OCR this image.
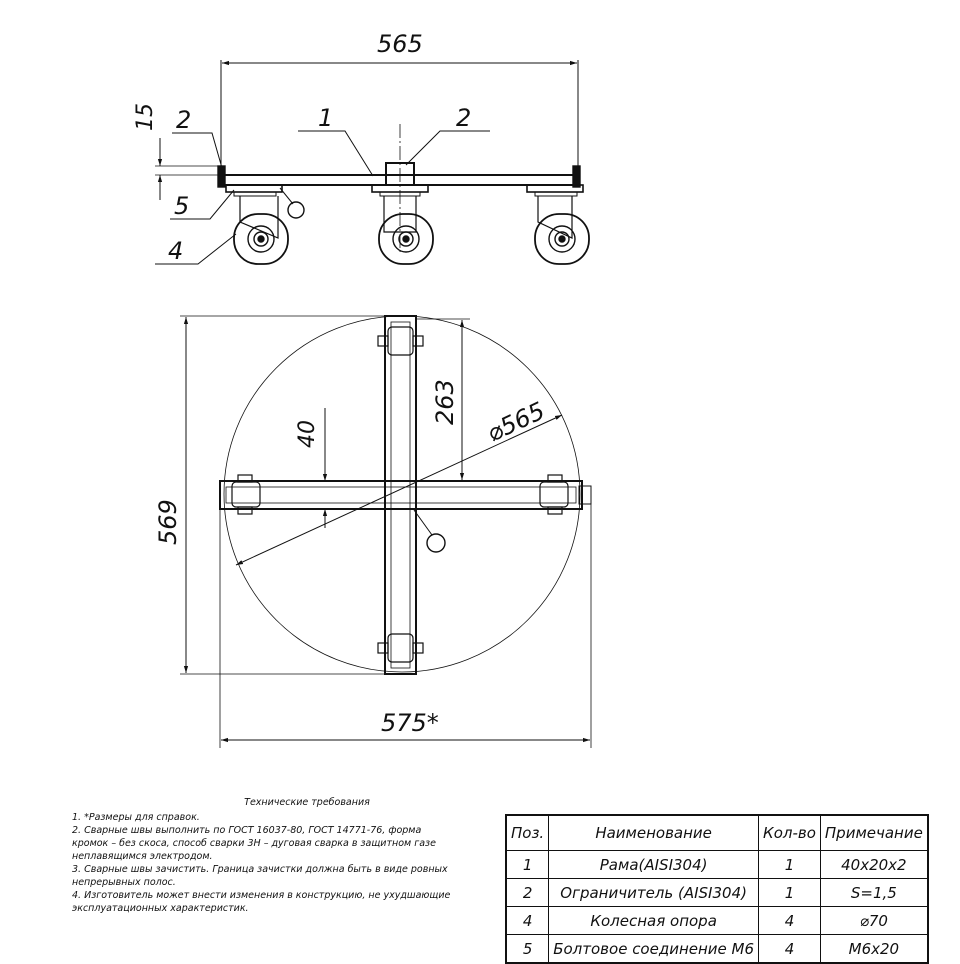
565
15 2	1	2
5
4
569
575*
263
40	⌀565
Технические требования
1. *Размеры для справок.
2. Сварные швы выполнить по ГОСТ 16037-80, ГОСТ 14771-76, форма
кромок – без скоса, способ сварки 3Н – дуговая сварка в защитном газе
неплавящимся электродом.
3. Сварные швы зачистить. Граница зачистки должна быть в виде ровных
непрерывных полос.
4. Изготовитель может внести изменения в конструкцию, не ухудшающие
эксплуатационных характеристик.
Поз.	Наименование	Кол-во	Примечание
1	Рама(AISI304)	1	40х20х2
2	Ограничитель (AISI304)	1	S=1,5
4	Колесная опора	4	⌀70
5	Болтовое соединение М6	4	М6х20
